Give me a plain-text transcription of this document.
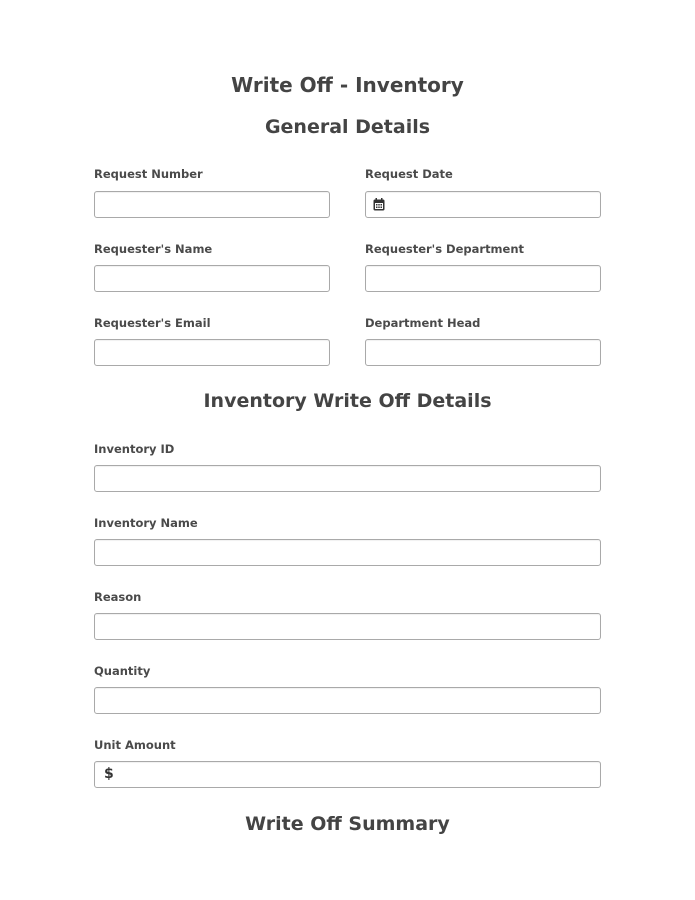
Write Off - Inventory
General Details
Request Number	Request Date
Requester's Name	Requester's Department
Requester's Email	Department Head
Inventory Write Off Details
Inventory ID
Inventory Name
Reason
Quantity
Unit Amount
$
Write Off Summary
